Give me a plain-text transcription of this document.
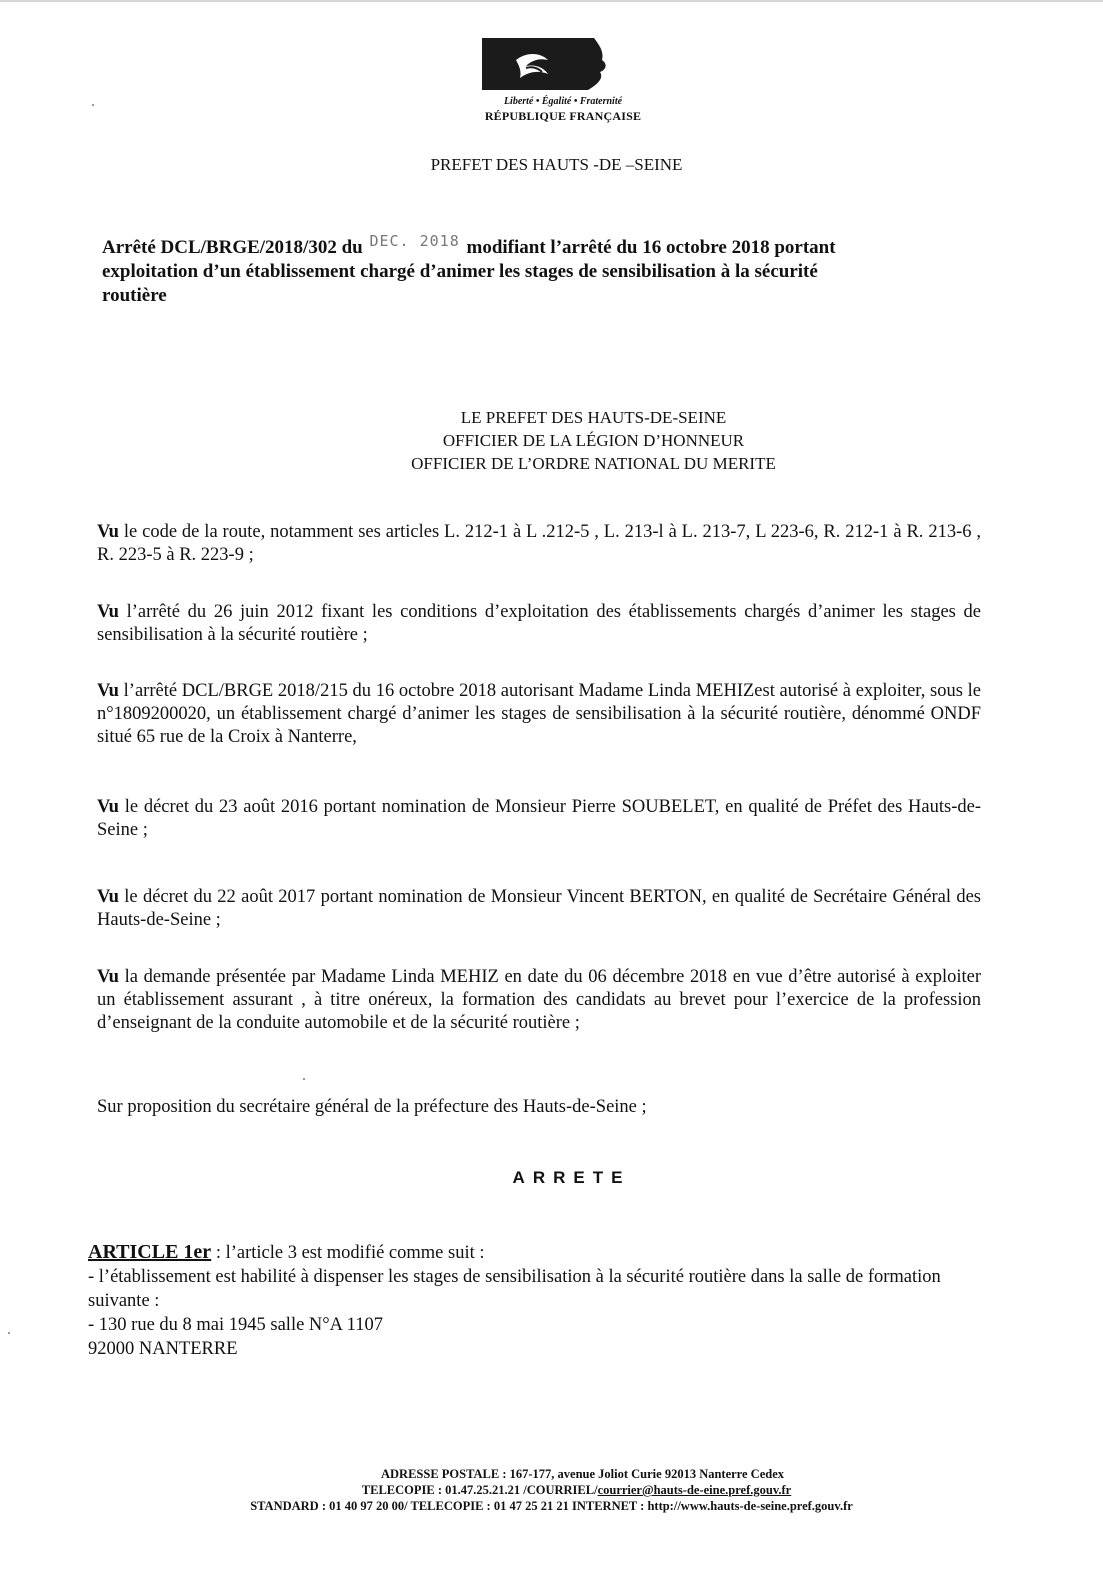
Liberté • Égalité • Fraternité
RÉPUBLIQUE FRANÇAISE
PREFET DES HAUTS -DE –SEINE
Arrêté DCL/BRGE/2018/302 du DEC. 2018 modifiant l’arrêté du 16 octobre 2018 portant
exploitation d’un établissement chargé d’animer les stages de sensibilisation à la sécurité
routière
LE PREFET DES HAUTS-DE-SEINE
OFFICIER DE LA LÉGION D’HONNEUR
OFFICIER DE L’ORDRE NATIONAL DU MERITE
Vu le code de la route, notamment ses articles L. 212-1 à L .212-5 , L. 213-l à L. 213-7, L 223-6, R. 212-1 à R. 213-6 , R. 223-5 à R. 223-9 ;
Vu l’arrêté du 26 juin 2012 fixant les conditions d’exploitation des établissements chargés d’animer les stages de sensibilisation à la sécurité routière ;
Vu l’arrêté DCL/BRGE 2018/215 du 16 octobre 2018 autorisant Madame Linda MEHIZest autorisé à exploiter, sous le n°1809200020, un établissement chargé d’animer les stages de sensibilisation à la sécurité routière, dénommé ONDF situé 65 rue de la Croix à Nanterre,
Vu le décret du 23 août 2016 portant nomination de Monsieur Pierre SOUBELET, en qualité de Préfet des Hauts-de-Seine ;
Vu le décret du 22 août 2017 portant nomination de Monsieur Vincent BERTON, en qualité de Secrétaire Général des Hauts-de-Seine ;
Vu la demande présentée par Madame Linda MEHIZ en date du 06 décembre 2018 en vue d’être autorisé à exploiter un établissement assurant , à titre onéreux, la formation des candidats au brevet pour l’exercice de la profession d’enseignant de la conduite automobile et de la sécurité routière ;
Sur proposition du secrétaire général de la préfecture des Hauts-de-Seine ;
ARRETE
ARTICLE 1er : l’article 3 est modifié comme suit :
- l’établissement est habilité à dispenser les stages de sensibilisation à la sécurité routière dans la salle de formation suivante :
- 130 rue du 8 mai 1945 salle N°A 1107
92000 NANTERRE
ADRESSE POSTALE : 167-177, avenue Joliot Curie 92013 Nanterre Cedex
TELECOPIE : 01.47.25.21.21 /COURRIEL/courrier@hauts-de-eine.pref.gouv.fr
STANDARD : 01 40 97 20 00/ TELECOPIE : 01 47 25 21 21 INTERNET : http://www.hauts-de-seine.pref.gouv.fr
